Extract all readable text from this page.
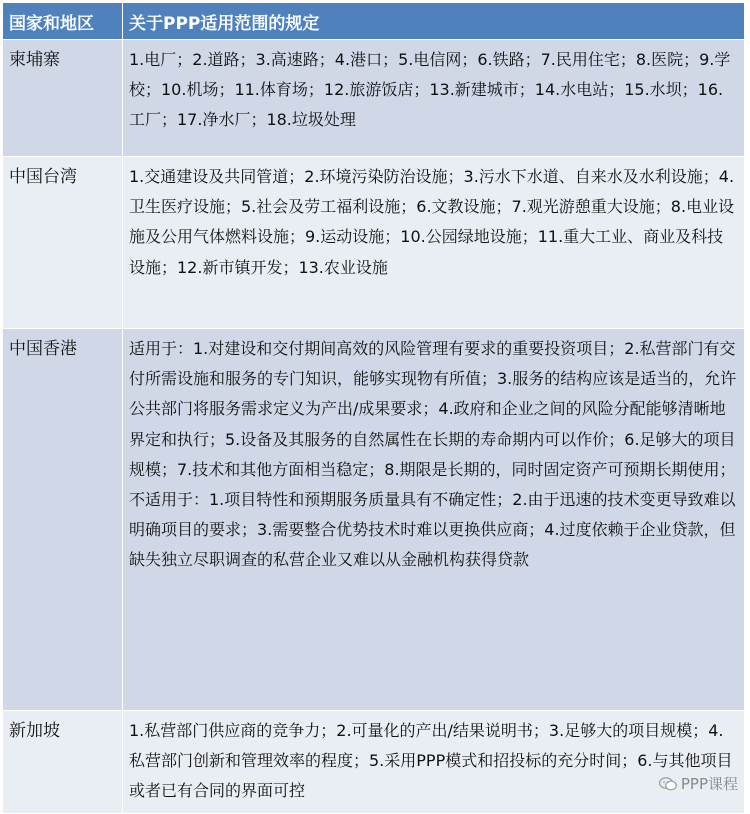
国家和地区	关于PPP适用范围的规定
柬埔寨	1.电厂；2.道路；3.高速路；4.港口；5.电信网；6.铁路；7.民用住宅；8.医院；9.学校；10.机场；11.体育场；12.旅游饭店；13.新建城市；14.水电站；15.水坝；16.工厂；17.净水厂；18.垃圾处理

中国台湾	1.交通建设及共同管道；2.环境污染防治设施；3.污水下水道、自来水及水利设施；4.卫生医疗设施；5.社会及劳工福利设施；6.文教设施；7.观光游憩重大设施；8.电业设施及公用气体燃料设施；9.运动设施；10.公园绿地设施；11.重大工业、商业及科技设施；12.新市镇开发；13.农业设施

中国香港	适用于：1.对建设和交付期间高效的风险管理有要求的重要投资项目；2.私营部门有交付所需设施和服务的专门知识，能够实现物有所值；3.服务的结构应该是适当的，允许公共部门将服务需求定义为产出/成果要求；4.政府和企业之间的风险分配能够清晰地界定和执行；5.设备及其服务的自然属性在长期的寿命期内可以作价；6.足够大的项目规模；7.技术和其他方面相当稳定；8.期限是长期的，同时固定资产可预期长期使用；
不适用于：1.项目特性和预期服务质量具有不确定性；2.由于迅速的技术变更导致难以明确项目的要求；3.需要整合优势技术时难以更换供应商；4.过度依赖于企业贷款，但缺失独立尽职调查的私营企业又难以从金融机构获得贷款

新加坡	1.私营部门供应商的竞争力；2.可量化的产出/结果说明书；3.足够大的项目规模；4.私营部门创新和管理效率的程度；5.采用PPP模式和招投标的充分时间；6.与其他项目或者已有合同的界面可控	PPP课程
